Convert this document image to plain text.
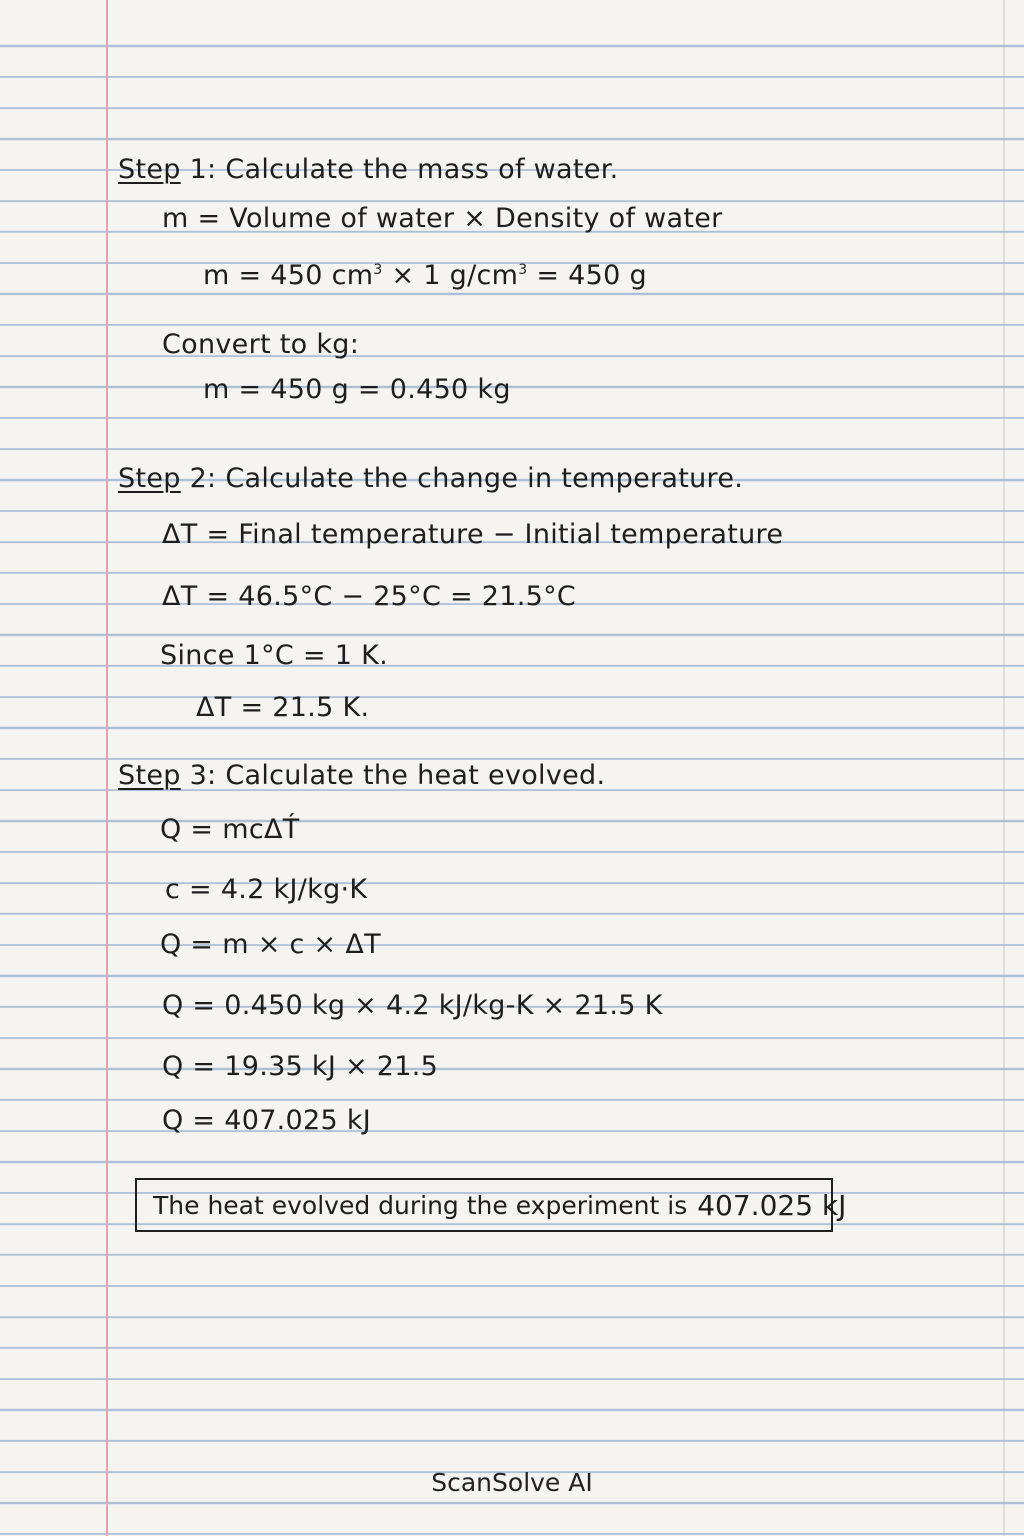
Step 1: Calculate the mass of water.
m = Volume of water × Density of water
m = 450 $cm^3 \times 1$ $g/cm^3 = 450$ g
Convert to kg:
m = 450 g = 0.450 kg
Step 2: Calculate the change in temperature.
ΔT = Final temperature − Initial temperature
ΔT = 46.5°C − 25°C = 21.5°C
Since 1°C = 1 K.
ΔT = 21.5 K.
Step 3: Calculate the heat evolved.
Q = mcΔT́
c = 4.2 kJ/kg·K
Q = m × c × ΔT
Q = 0.450 kg × 4.2 kJ/kg-K × 21.5 K
Q = 19.35 kJ × 21.5
Q = 407.025 kJ
The heat evolved during the experiment is 407.025 kJ
ScanSolve AI
